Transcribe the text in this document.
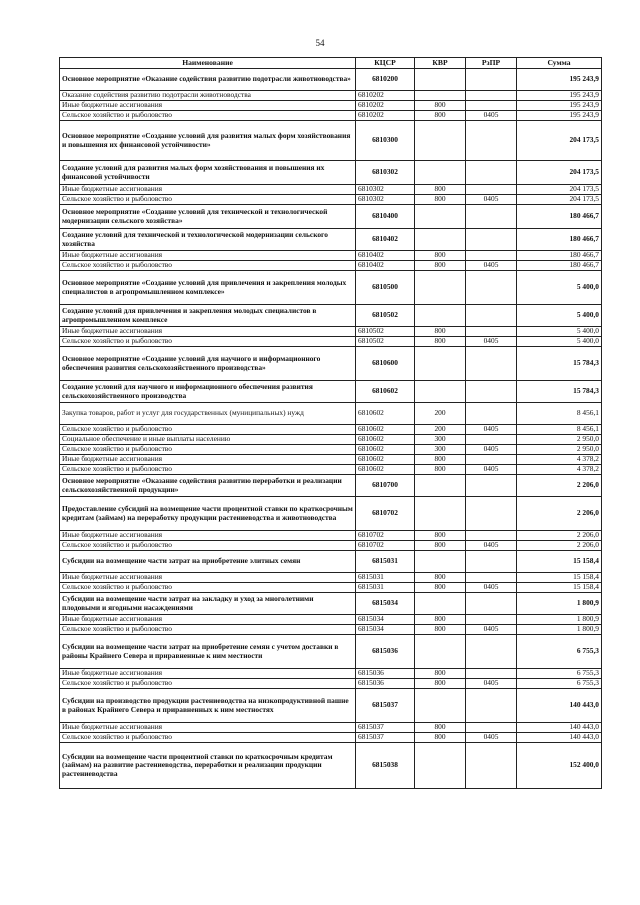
54
Наименование	КЦСР	КВР	РзПР	Сумма
Основное мероприятие «Оказание содействия развитию подотрасли животноводства»	6810200			195 243,9
Оказание содействия развитию подотрасли животноводства	6810202			195 243,9
Иные бюджетные ассигнования	6810202	800		195 243,9
Сельское хозяйство и рыболовство	6810202	800	0405	195 243,9
Основное мероприятие «Создание условий для развития малых форм хозяйствования и повышения их финансовой устойчивости»	6810300			204 173,5
Создание условий для развития малых форм хозяйствования и повышения их финансовой устойчивости	6810302			204 173,5
Иные бюджетные ассигнования	6810302	800		204 173,5
Сельское хозяйство и рыболовство	6810302	800	0405	204 173,5
Основное мероприятие «Создание условий для технической и технологической модернизации сельского хозяйства»	6810400			180 466,7
Создание условий для технической и технологической модернизации сельского хозяйства	6810402			180 466,7
Иные бюджетные ассигнования	6810402	800		180 466,7
Сельское хозяйство и рыболовство	6810402	800	0405	180 466,7
Основное мероприятие «Создание условий для привлечения и закрепления молодых специалистов в агропромышленном комплексе»	6810500			5 400,0
Создание условий для привлечения и закрепления молодых специалистов в агропромышленном комплексе	6810502			5 400,0
Иные бюджетные ассигнования	6810502	800		5 400,0
Сельское хозяйство и рыболовство	6810502	800	0405	5 400,0
Основное мероприятие «Создание условий для научного и информационного обеспечения развития сельскохозяйственного производства»	6810600			15 784,3
Создание условий для научного и информационного обеспечения развития сельскохозяйственного производства	6810602			15 784,3
Закупка товаров, работ и услуг для государственных (муниципальных) нужд	6810602	200		8 456,1
Сельское хозяйство и рыболовство	6810602	200	0405	8 456,1
Социальное обеспечение и иные выплаты населению	6810602	300		2 950,0
Сельское хозяйство и рыболовство	6810602	300	0405	2 950,0
Иные бюджетные ассигнования	6810602	800		4 378,2
Сельское хозяйство и рыболовство	6810602	800	0405	4 378,2
Основное мероприятие «Оказание содействия развитию переработки и реализации сельскохозяйственной продукции»	6810700			2 206,0
Предоставление субсидий на возмещение части процентной ставки по краткосрочным кредитам (займам) на переработку продукции растениеводства и животноводства	6810702			2 206,0
Иные бюджетные ассигнования	6810702	800		2 206,0
Сельское хозяйство и рыболовство	6810702	800	0405	2 206,0
Субсидии на возмещение части затрат на приобретение элитных семян	6815031			15 158,4
Иные бюджетные ассигнования	6815031	800		15 158,4
Сельское хозяйство и рыболовство	6815031	800	0405	15 158,4
Субсидии на возмещение части затрат на закладку и уход за многолетними плодовыми и ягодными насаждениями	6815034			1 800,9
Иные бюджетные ассигнования	6815034	800		1 800,9
Сельское хозяйство и рыболовство	6815034	800	0405	1 800,9
Субсидии на возмещение части затрат на приобретение семян с учетом доставки в районы Крайнего Севера и приравненные к ним местности	6815036			6 755,3
Иные бюджетные ассигнования	6815036	800		6 755,3
Сельское хозяйство и рыболовство	6815036	800	0405	6 755,3
Субсидии на производство продукции растениеводства на низкопродуктивной пашне в районах Крайнего Севера и приравненных к ним местностях	6815037			140 443,0
Иные бюджетные ассигнования	6815037	800		140 443,0
Сельское хозяйство и рыболовство	6815037	800	0405	140 443,0
Субсидии на возмещение части процентной ставки по краткосрочным кредитам (займам) на развитие растениеводства, переработки и реализации продукции растениеводства	6815038			152 400,0
